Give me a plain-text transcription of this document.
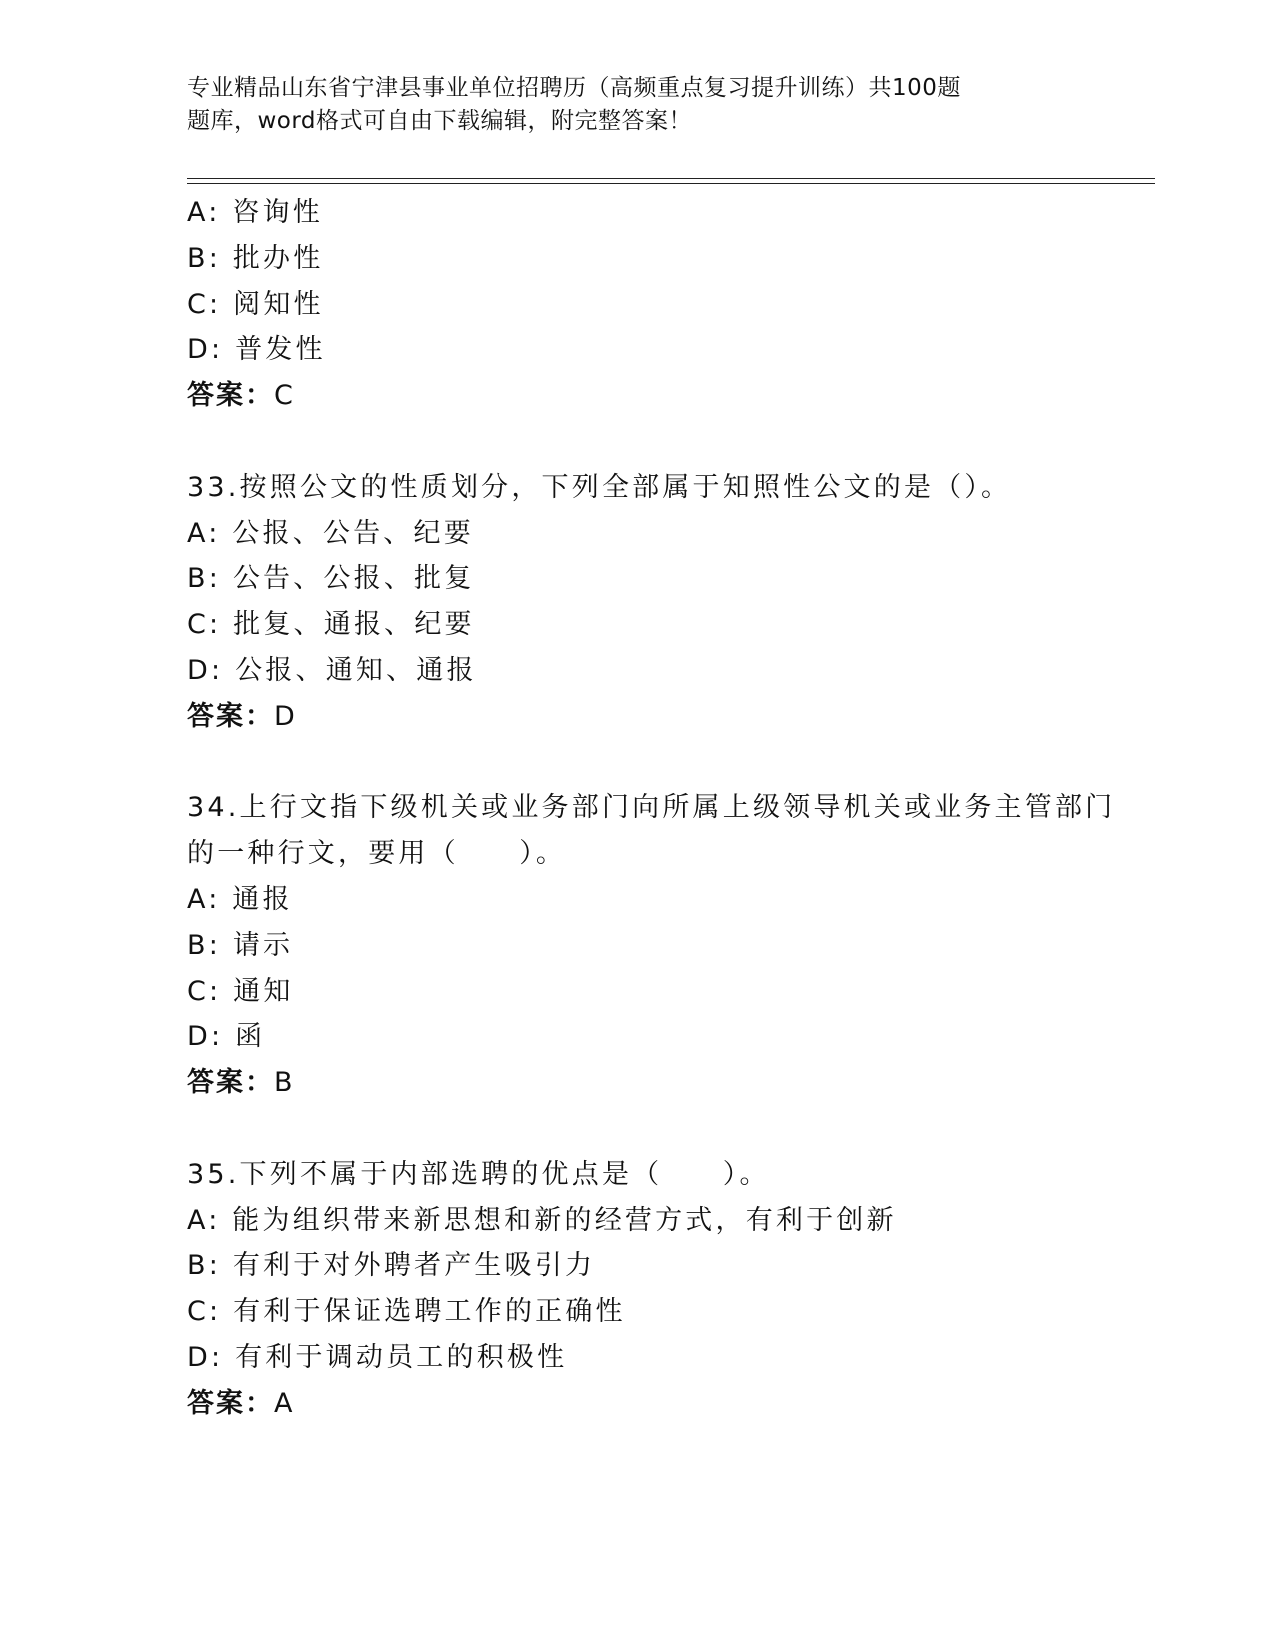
专业精品山东省宁津县事业单位招聘历（高频重点复习提升训练）共100题
题库，word格式可自由下载编辑，附完整答案！
A: 咨询性
B: 批办性
C: 阅知性
D: 普发性
答案：C
33.按照公文的性质划分，下列全部属于知照性公文的是（）。
A: 公报、公告、纪要
B: 公告、公报、批复
C: 批复、通报、纪要
D: 公报、通知、通报
答案：D
34.上行文指下级机关或业务部门向所属上级领导机关或业务主管部门
的一种行文，要用（　　）。
A: 通报
B: 请示
C: 通知
D: 函
答案：B
35.下列不属于内部选聘的优点是（　　）。
A: 能为组织带来新思想和新的经营方式，有利于创新
B: 有利于对外聘者产生吸引力
C: 有利于保证选聘工作的正确性
D: 有利于调动员工的积极性
答案：A
